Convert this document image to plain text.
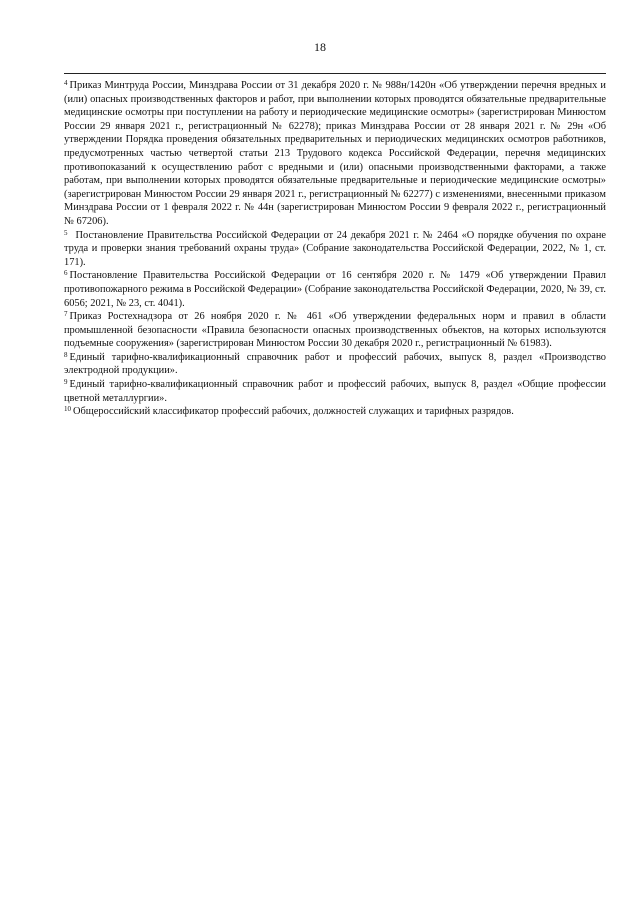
18

$^4$ Приказ Минтруда России, Минздрава России от 31 декабря 2020 г. № 988н/1420н «Об утверждении перечня вредных и (или) опасных производственных факторов и работ, при выполнении которых проводятся обязательные предварительные медицинские осмотры при поступлении на работу и периодические медицинские осмотры» (зарегистрирован Минюстом России 29 января 2021 г., регистрационный № 62278); приказ Минздрава России от 28 января 2021 г. № 29н «Об утверждении Порядка проведения обязательных предварительных и периодических медицинских осмотров работников, предусмотренных частью четвертой статьи 213 Трудового кодекса Российской Федерации, перечня медицинских противопоказаний к осуществлению работ с вредными и (или) опасными производственными факторами, а также работам, при выполнении которых проводятся обязательные предварительные и периодические медицинские осмотры» (зарегистрирован Минюстом России 29 января 2021 г., регистрационный № 62277) с изменениями, внесенными приказом Минздрава России от 1 февраля 2022 г. № 44н (зарегистрирован Минюстом России 9 февраля 2022 г., регистрационный № 67206).

$^5$ Постановление Правительства Российской Федерации от 24 декабря 2021 г. № 2464 «О порядке обучения по охране труда и проверки знания требований охраны труда» (Собрание законодательства Российской Федерации, 2022, № 1, ст. 171).

$^6$ Постановление Правительства Российской Федерации от 16 сентября 2020 г. № 1479 «Об утверждении Правил противопожарного режима в Российской Федерации» (Собрание законодательства Российской Федерации, 2020, № 39, ст. 6056; 2021, № 23, ст. 4041).

$^7$ Приказ Ростехнадзора от 26 ноября 2020 г. № 461 «Об утверждении федеральных норм и правил в области промышленной безопасности «Правила безопасности опасных производственных объектов, на которых используются подъемные сооружения» (зарегистрирован Минюстом России 30 декабря 2020 г., регистрационный № 61983).

$^8$ Единый тарифно-квалификационный справочник работ и профессий рабочих, выпуск 8, раздел «Производство электродной продукции».

$^9$ Единый тарифно-квалификационный справочник работ и профессий рабочих, выпуск 8, раздел «Общие профессии цветной металлургии».

$^{10}$ Общероссийский классификатор профессий рабочих, должностей служащих и тарифных разрядов.
